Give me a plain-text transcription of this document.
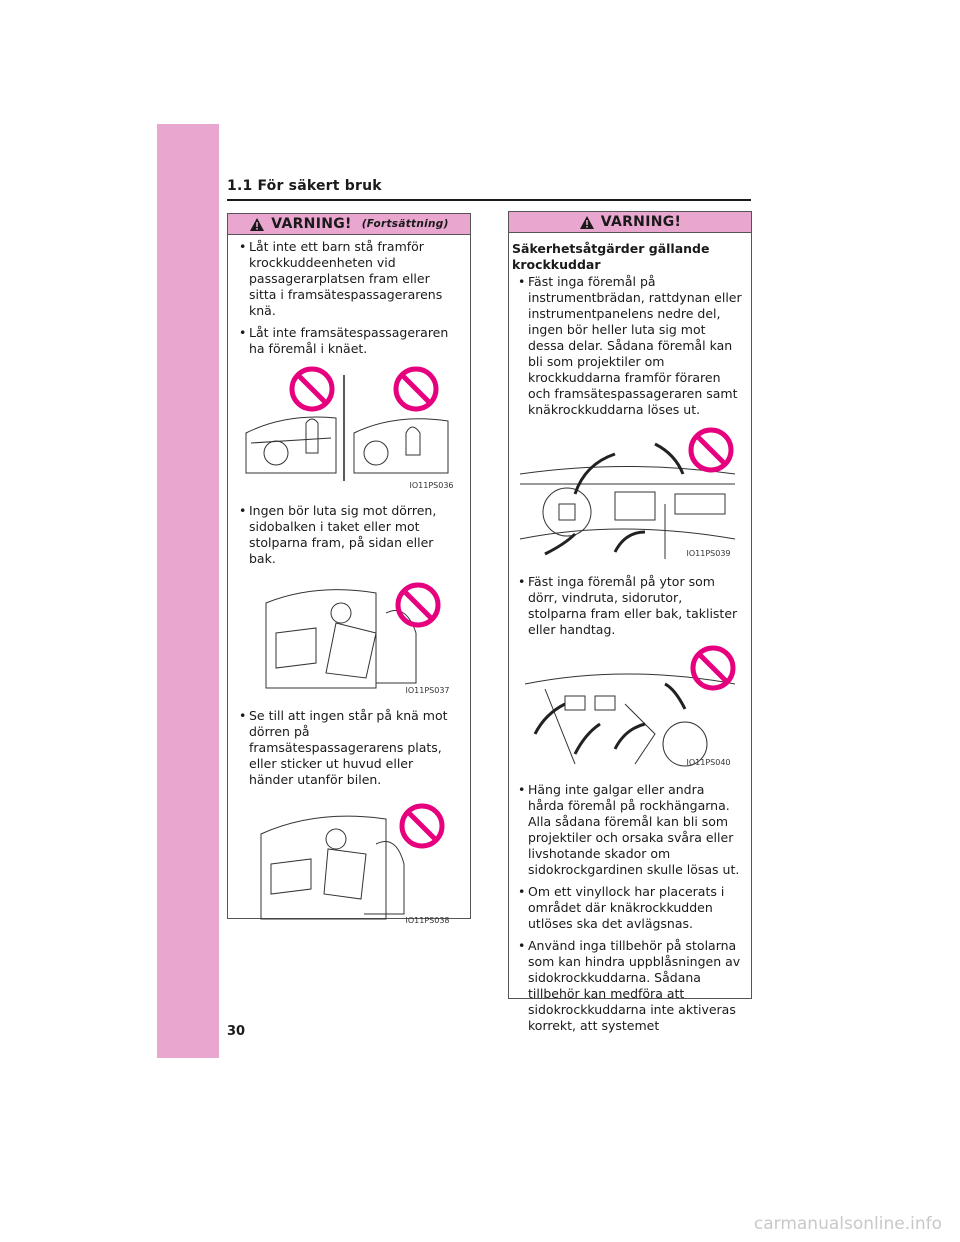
1.1 För säkert bruk
VARNING! (Fortsättning)

• Låt inte ett barn stå framför krockkuddeenheten vid passagerarplatsen fram eller sitta i framsätespassagerarens knä.

• Låt inte framsätespassageraren ha föremål i knäet.

IO11PS036

• Ingen bör luta sig mot dörren, sidobalken i taket eller mot stolparna fram, på sidan eller bak.

IO11PS037

• Se till att ingen står på knä mot dörren på framsätespassagerarens plats, eller sticker ut huvud eller händer utanför bilen.

IO11PS038
VARNING!

Säkerhetsåtgärder gällande krockkuddar

• Fäst inga föremål på instrumentbrädan, rattdynan eller instrumentpanelens nedre del, ingen bör heller luta sig mot dessa delar. Sådana föremål kan bli som projektiler om krockkuddarna framför föraren och framsätespassageraren samt knäkrockkuddarna löses ut.

IO11PS039

• Fäst inga föremål på ytor som dörr, vindruta, sidorutor, stolparna fram eller bak, taklister eller handtag.

IO11PS040

• Häng inte galgar eller andra hårda föremål på rockhängarna. Alla sådana föremål kan bli som projektiler och orsaka svåra eller livshotande skador om sidokrockgardinen skulle lösas ut.

• Om ett vinyllock har placerats i området där knäkrockkudden utlöses ska det avlägsnas.

• Använd inga tillbehör på stolarna som kan hindra uppblåsningen av sidokrockkuddarna. Sådana tillbehör kan medföra att sidokrockkuddarna inte aktiveras korrekt, att systemet

30
carmanualsonline.info
